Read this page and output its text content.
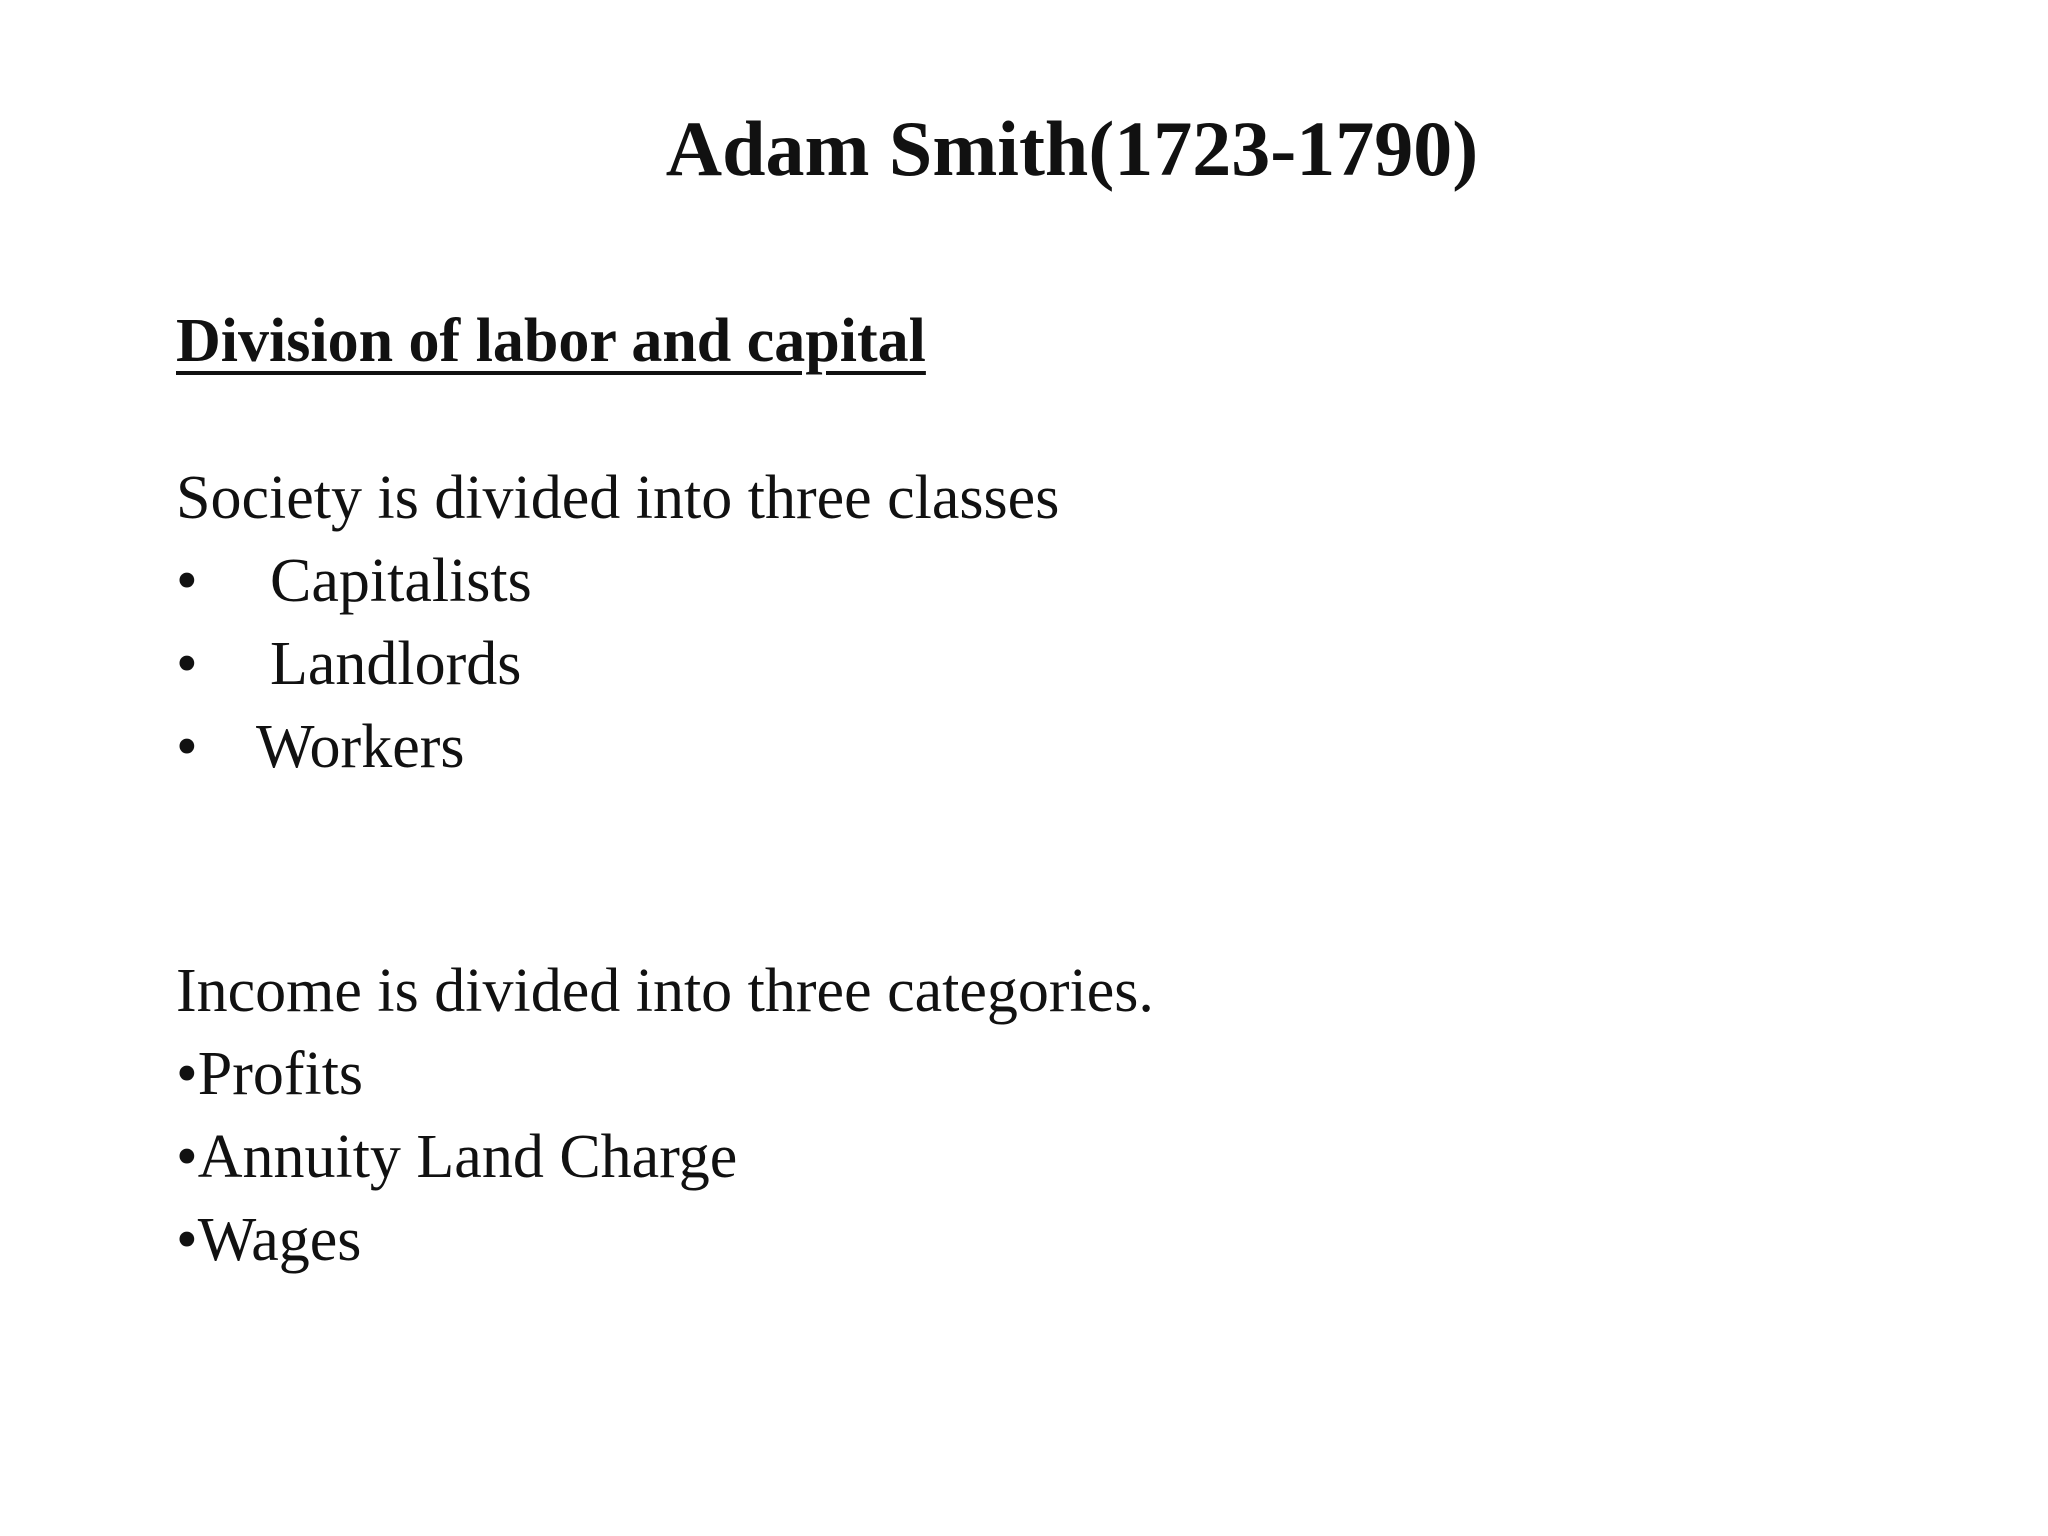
Adam Smith(1723-1790)
Division of labor and capital
Society is divided into three classes
• Capitalists
• Landlords
• Workers
Income is divided into three categories.
•Profits
•Annuity Land Charge
•Wages
